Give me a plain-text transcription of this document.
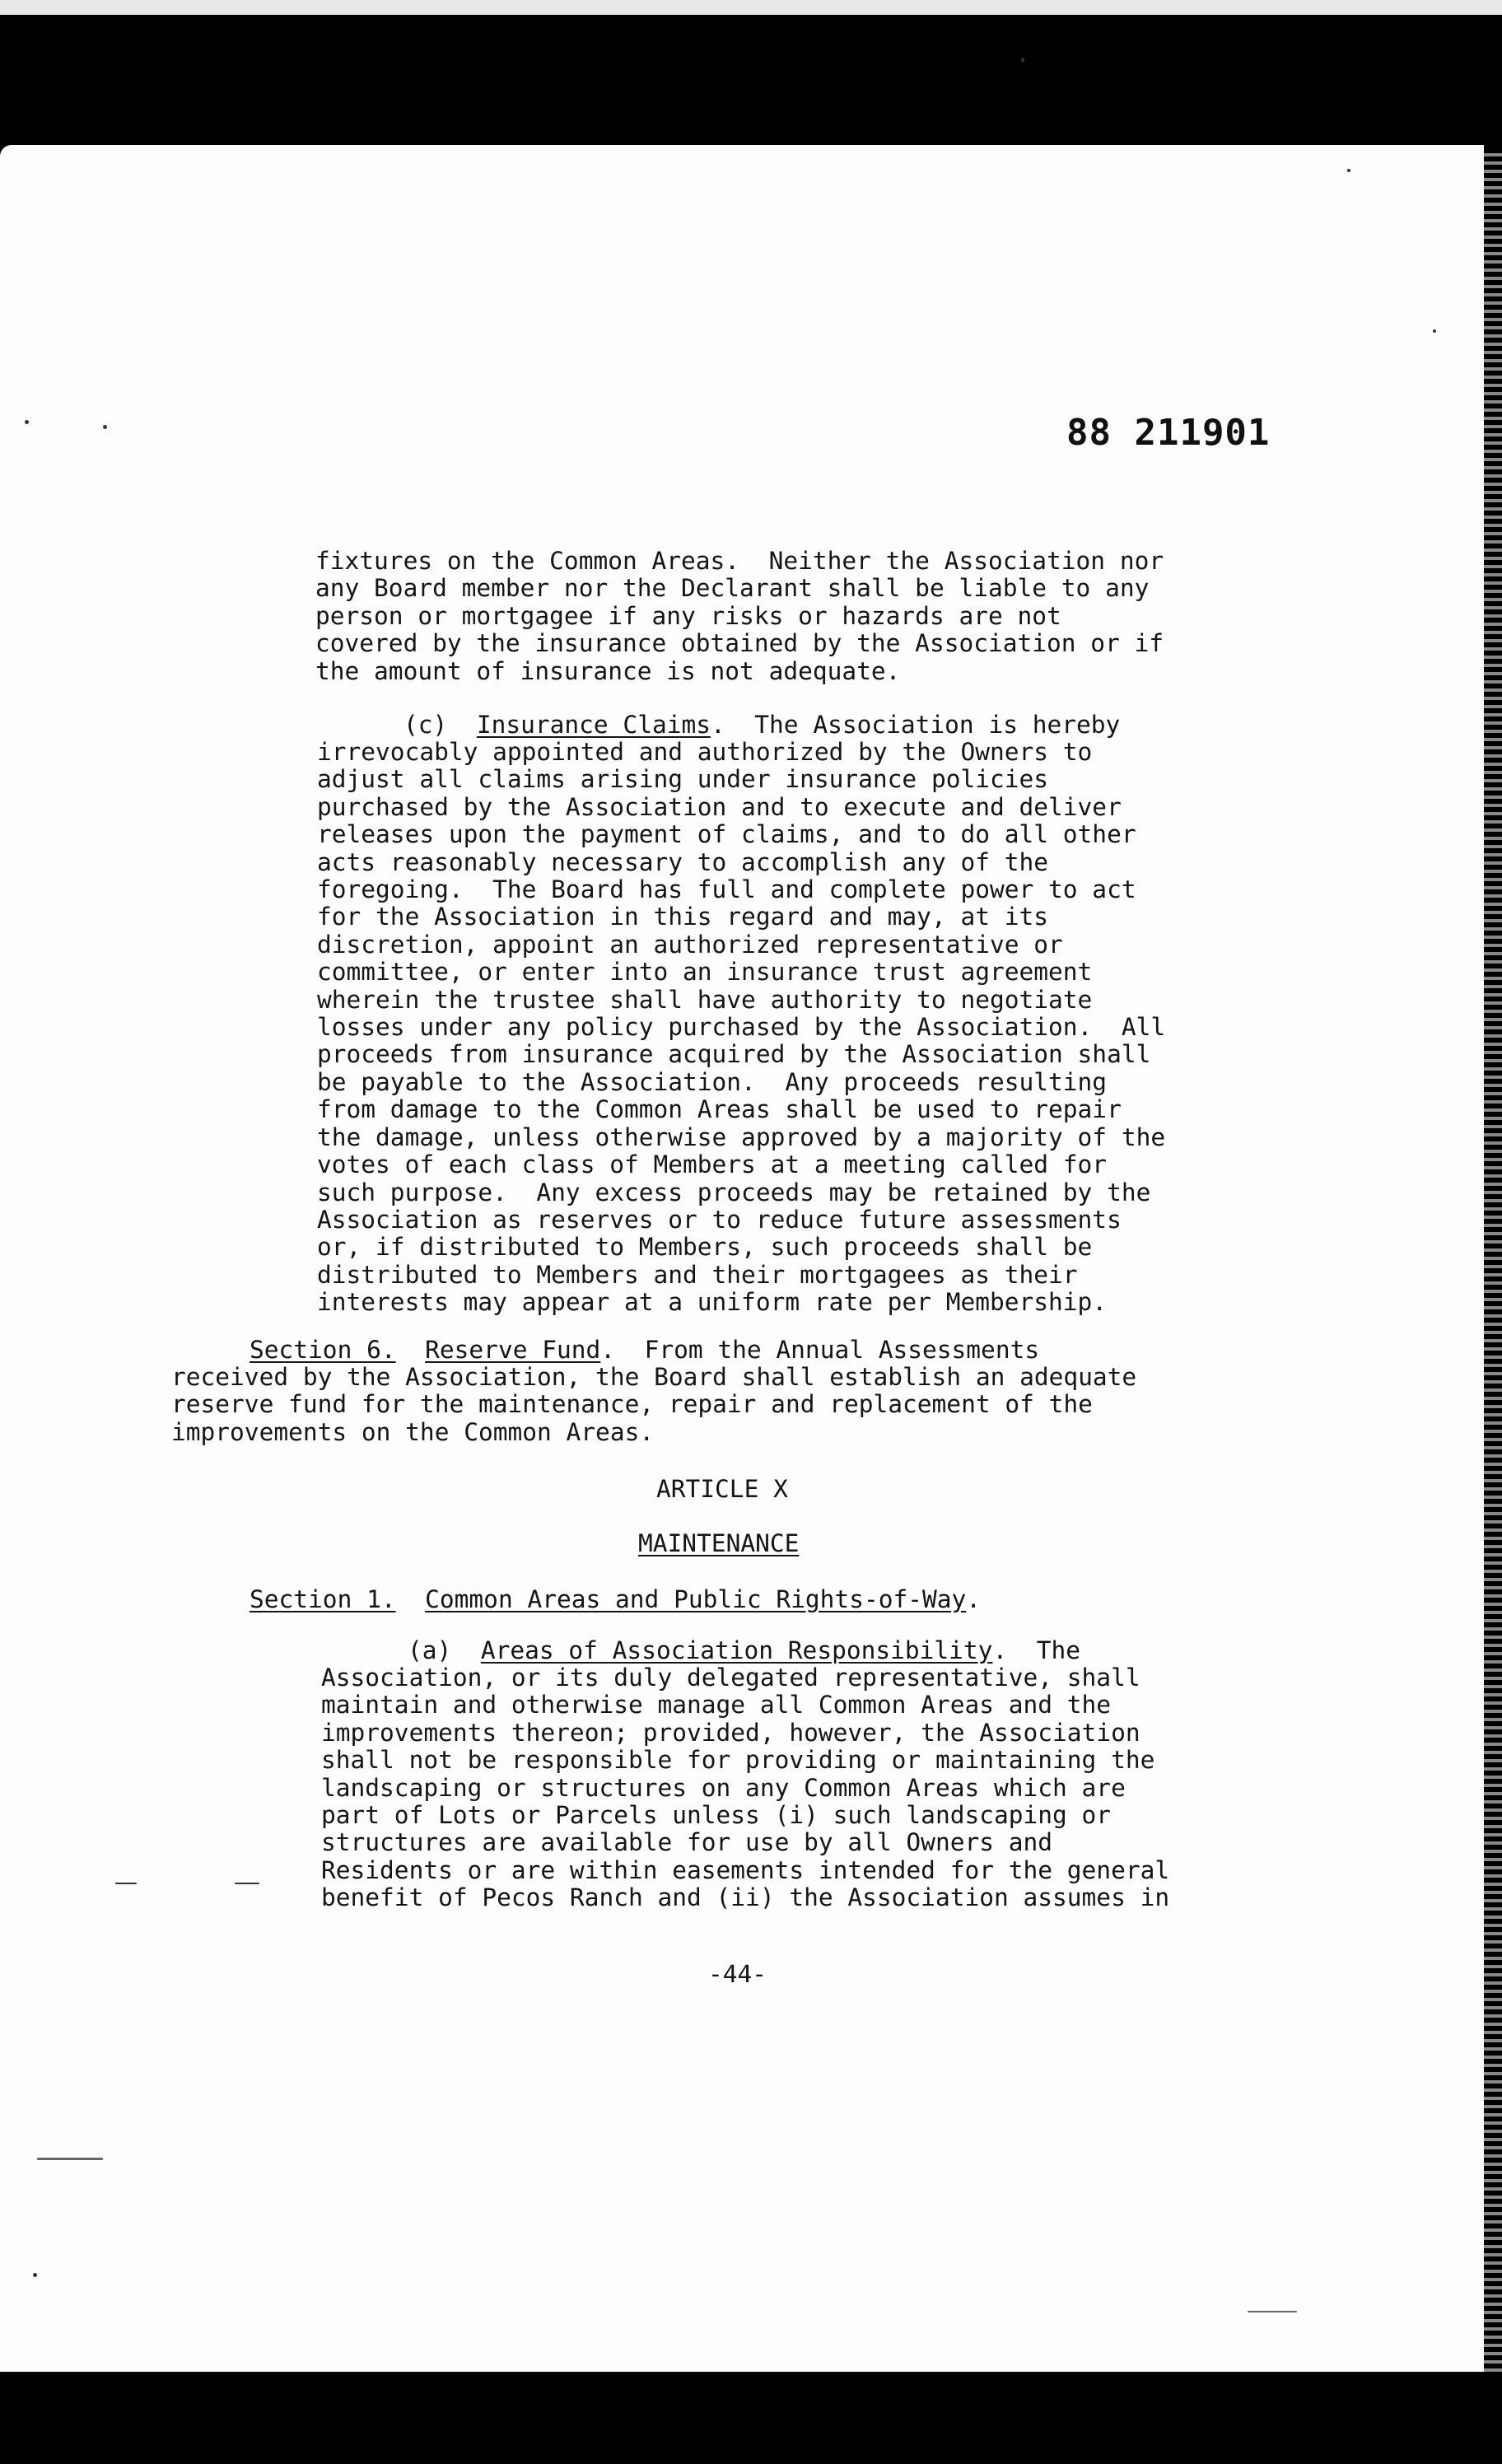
88 211901
fixtures on the Common Areas.  Neither the Association nor
any Board member nor the Declarant shall be liable to any
person or mortgagee if any risks or hazards are not
covered by the insurance obtained by the Association or if
the amount of insurance is not adequate.
(c) Insurance Claims.  The Association is hereby
irrevocably appointed and authorized by the Owners to
adjust all claims arising under insurance policies
purchased by the Association and to execute and deliver
releases upon the payment of claims, and to do all other
acts reasonably necessary to accomplish any of the
foregoing.  The Board has full and complete power to act
for the Association in this regard and may, at its
discretion, appoint an authorized representative or
committee, or enter into an insurance trust agreement
wherein the trustee shall have authority to negotiate
losses under any policy purchased by the Association.  All
proceeds from insurance acquired by the Association shall
be payable to the Association.  Any proceeds resulting
from damage to the Common Areas shall be used to repair
the damage, unless otherwise approved by a majority of the
votes of each class of Members at a meeting called for
such purpose.  Any excess proceeds may be retained by the
Association as reserves or to reduce future assessments
or, if distributed to Members, such proceeds shall be
distributed to Members and their mortgagees as their
interests may appear at a uniform rate per Membership.
Section 6. Reserve Fund.  From the Annual Assessments
received by the Association, the Board shall establish an adequate
reserve fund for the maintenance, repair and replacement of the
improvements on the Common Areas.
ARTICLE X
MAINTENANCE
Section 1. Common Areas and Public Rights-of-Way.
(a) Areas of Association Responsibility.  The
Association, or its duly delegated representative, shall
maintain and otherwise manage all Common Areas and the
improvements thereon; provided, however, the Association
shall not be responsible for providing or maintaining the
landscaping or structures on any Common Areas which are
part of Lots or Parcels unless (i) such landscaping or
structures are available for use by all Owners and
Residents or are within easements intended for the general
benefit of Pecos Ranch and (ii) the Association assumes in
-44-
